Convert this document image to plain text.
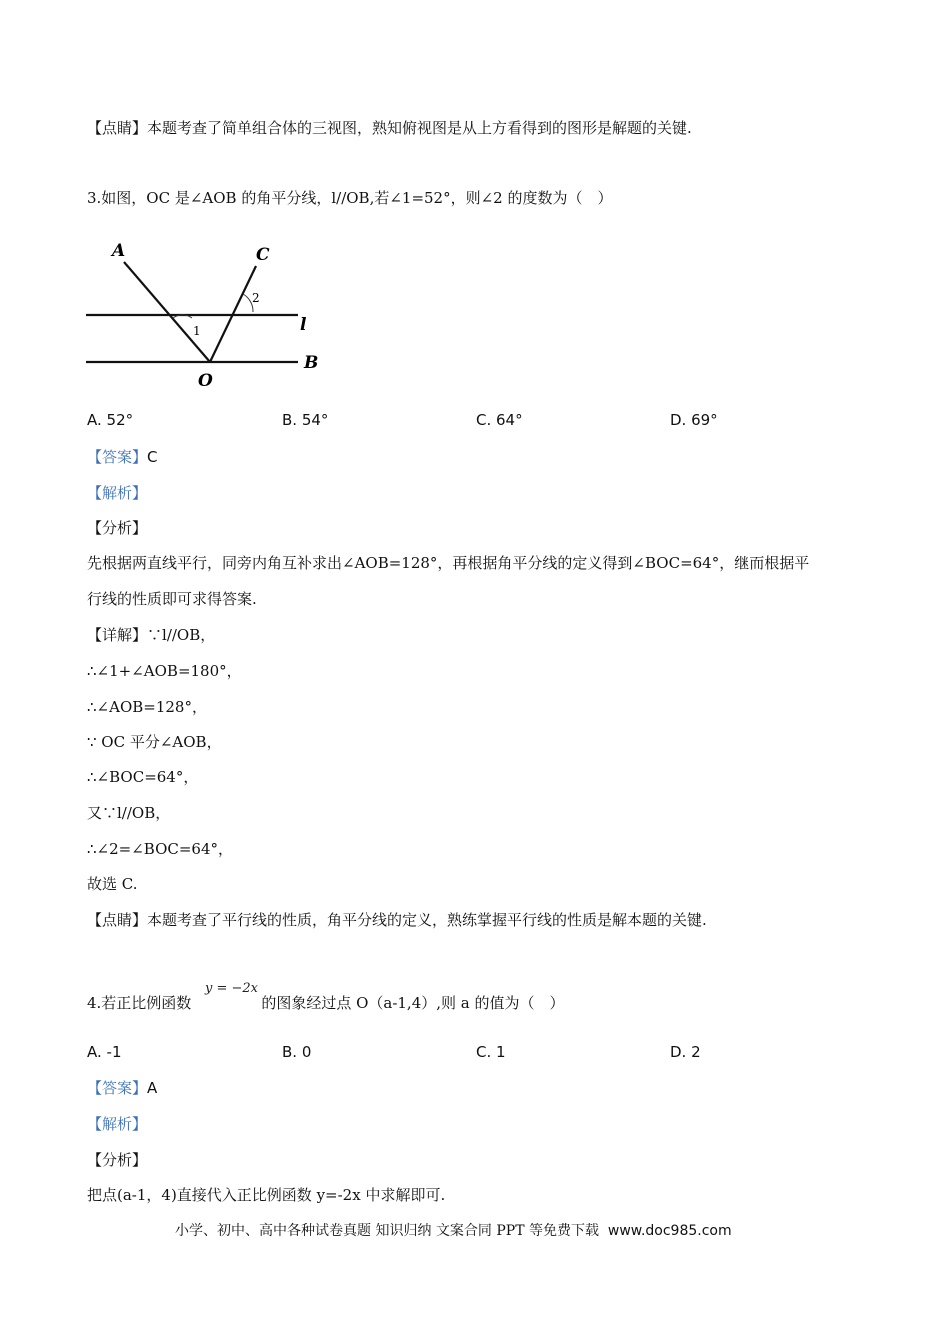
【点睛】本题考查了简单组合体的三视图，熟知俯视图是从上方看得到的图形是解题的关键.
3.如图，OC 是∠AOB 的角平分线，l//OB,若∠1=52°，则∠2 的度数为（　）
A	C
l
B
O
1
2
A. 52°	B. 54°	C. 64°	D. 69°
【答案】C
【解析】
【分析】
先根据两直线平行，同旁内角互补求出∠AOB=128°，再根据角平分线的定义得到∠BOC=64°，继而根据平
行线的性质即可求得答案.
【详解】∵l//OB，
∴∠1+∠AOB=180°，
∴∠AOB=128°，
∵ OC 平分∠AOB，
∴∠BOC=64°，
又∵l//OB，
∴∠2=∠BOC=64°，
故选 C.
【点睛】本题考查了平行线的性质，角平分线的定义，熟练掌握平行线的性质是解本题的关键.
4.若正比例函数	的图象经过点 O（a-1,4）,则 a 的值为（　）
y = −2x
A. -1	B. 0	C. 1	D. 2
【答案】A
【解析】
【分析】
把点(a-1，4)直接代入正比例函数 y=-2x 中求解即可.
小学、初中、高中各种试卷真题 知识归纳 文案合同 PPT 等免费下载 www.doc985.com
